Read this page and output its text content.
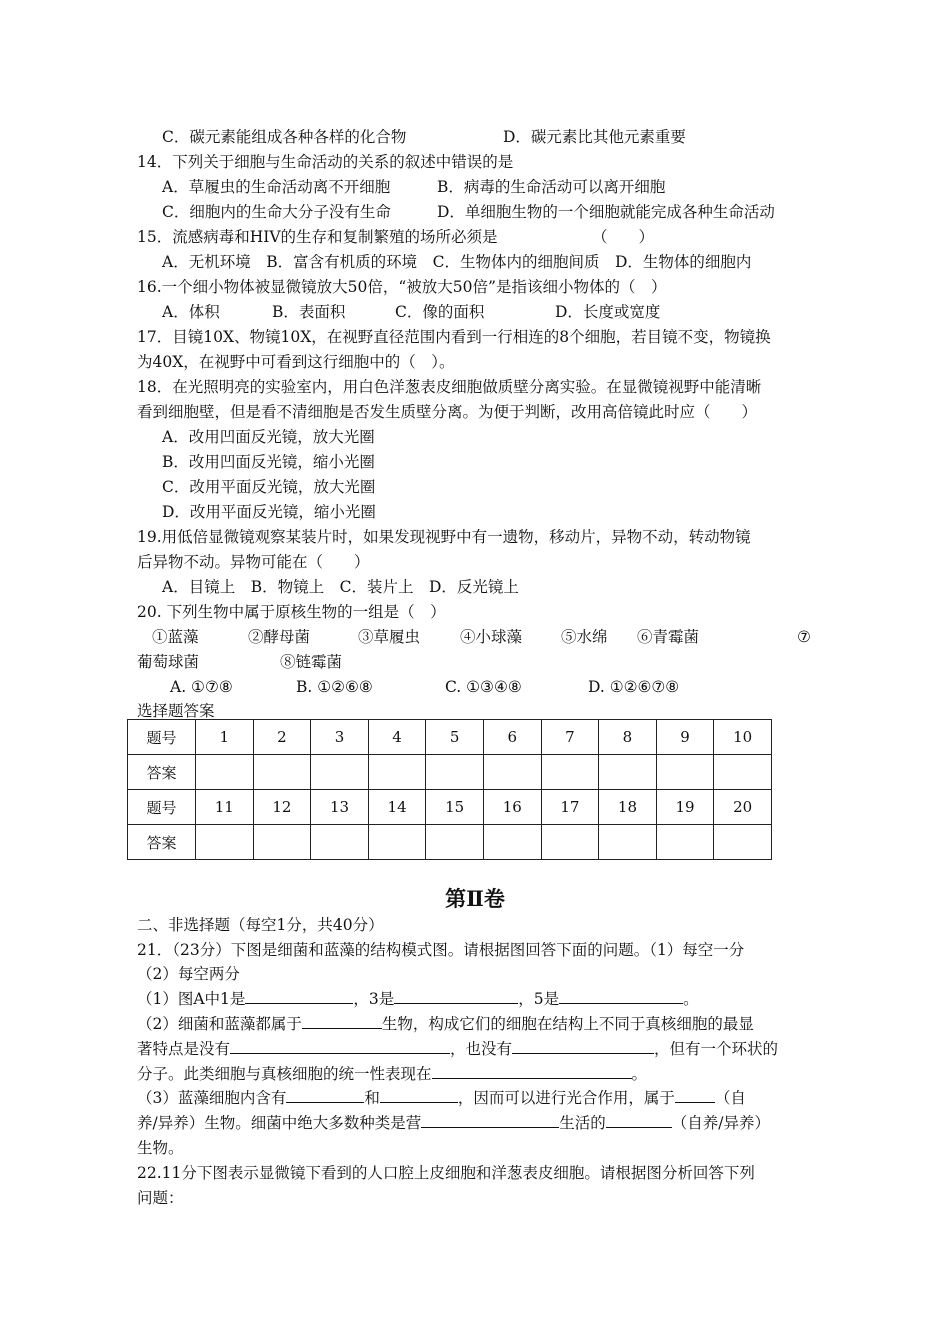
C．碳元素能组成各种各样的化合物	D．碳元素比其他元素重要
14．下列关于细胞与生命活动的关系的叙述中错误的是
A．草履虫的生命活动离不开细胞	B．病毒的生命活动可以离开细胞
C．细胞内的生命大分子没有生命	D．单细胞生物的一个细胞就能完成各种生命活动
15．流感病毒和HIV的生存和复制繁殖的场所必须是	（　　）
A．无机环境　B．富含有机质的环境　C．生物体内的细胞间质　D．生物体的细胞内
16.一个细小物体被显微镜放大50倍，“被放大50倍”是指该细小物体的（　）
A．体积	B．表面积	C．像的面积	D．长度或宽度
17．目镜10X、物镜10X，在视野直径范围内看到一行相连的8个细胞，若目镜不变，物镜换
为40X，在视野中可看到这行细胞中的（　）。
18．在光照明亮的实验室内，用白色洋葱表皮细胞做质壁分离实验。在显微镜视野中能清晰
看到细胞壁，但是看不清细胞是否发生质壁分离。为便于判断，改用高倍镜此时应（　　）
A．改用凹面反光镜，放大光圈
B．改用凹面反光镜，缩小光圈
C．改用平面反光镜，放大光圈
D．改用平面反光镜，缩小光圈
19.用低倍显微镜观察某装片时，如果发现视野中有一遗物，移动片，异物不动，转动物镜
后异物不动。异物可能在（　　）
A．目镜上　B．物镜上　C．装片上　D．反光镜上
20. 下列生物中属于原核生物的一组是（　）
①蓝藻	②酵母菌	③草履虫	④小球藻	⑤水绵 ⑥青霉菌	⑦
葡萄球菌	⑧链霉菌
A. ①⑦⑧	B. ①②⑥⑧	C. ①③④⑧	D. ①②⑥⑦⑧
选择题答案
二、非选择题（每空1分，共40分）
21．（23分）下图是细菌和蓝藻的结构模式图。请根据图回答下面的问题。（1）每空一分
（2）每空两分
生物。
22.11分下图表示显微镜下看到的人口腔上皮细胞和洋葱表皮细胞。请根据图分析回答下列
问题：
（1）图A中1是	，3是	，5是	。
（2）细菌和蓝藻都属于	生物，构成它们的细胞在结构上不同于真核细胞的最显
著特点是没有	，也没有	，但有一个环状的
分子。此类细胞与真核细胞的统一性表现在	。
（3）蓝藻细胞内含有	和	，因而可以进行光合作用，属于	（自
养/异养）生物。细菌中绝大多数种类是营	生活的	（自养/异养）
题号	1	2	3	4	5	6	7	8	9	10
答案										
题号	11	12	13	14	15	16	17	18	19	20
答案										
第Ⅱ卷
